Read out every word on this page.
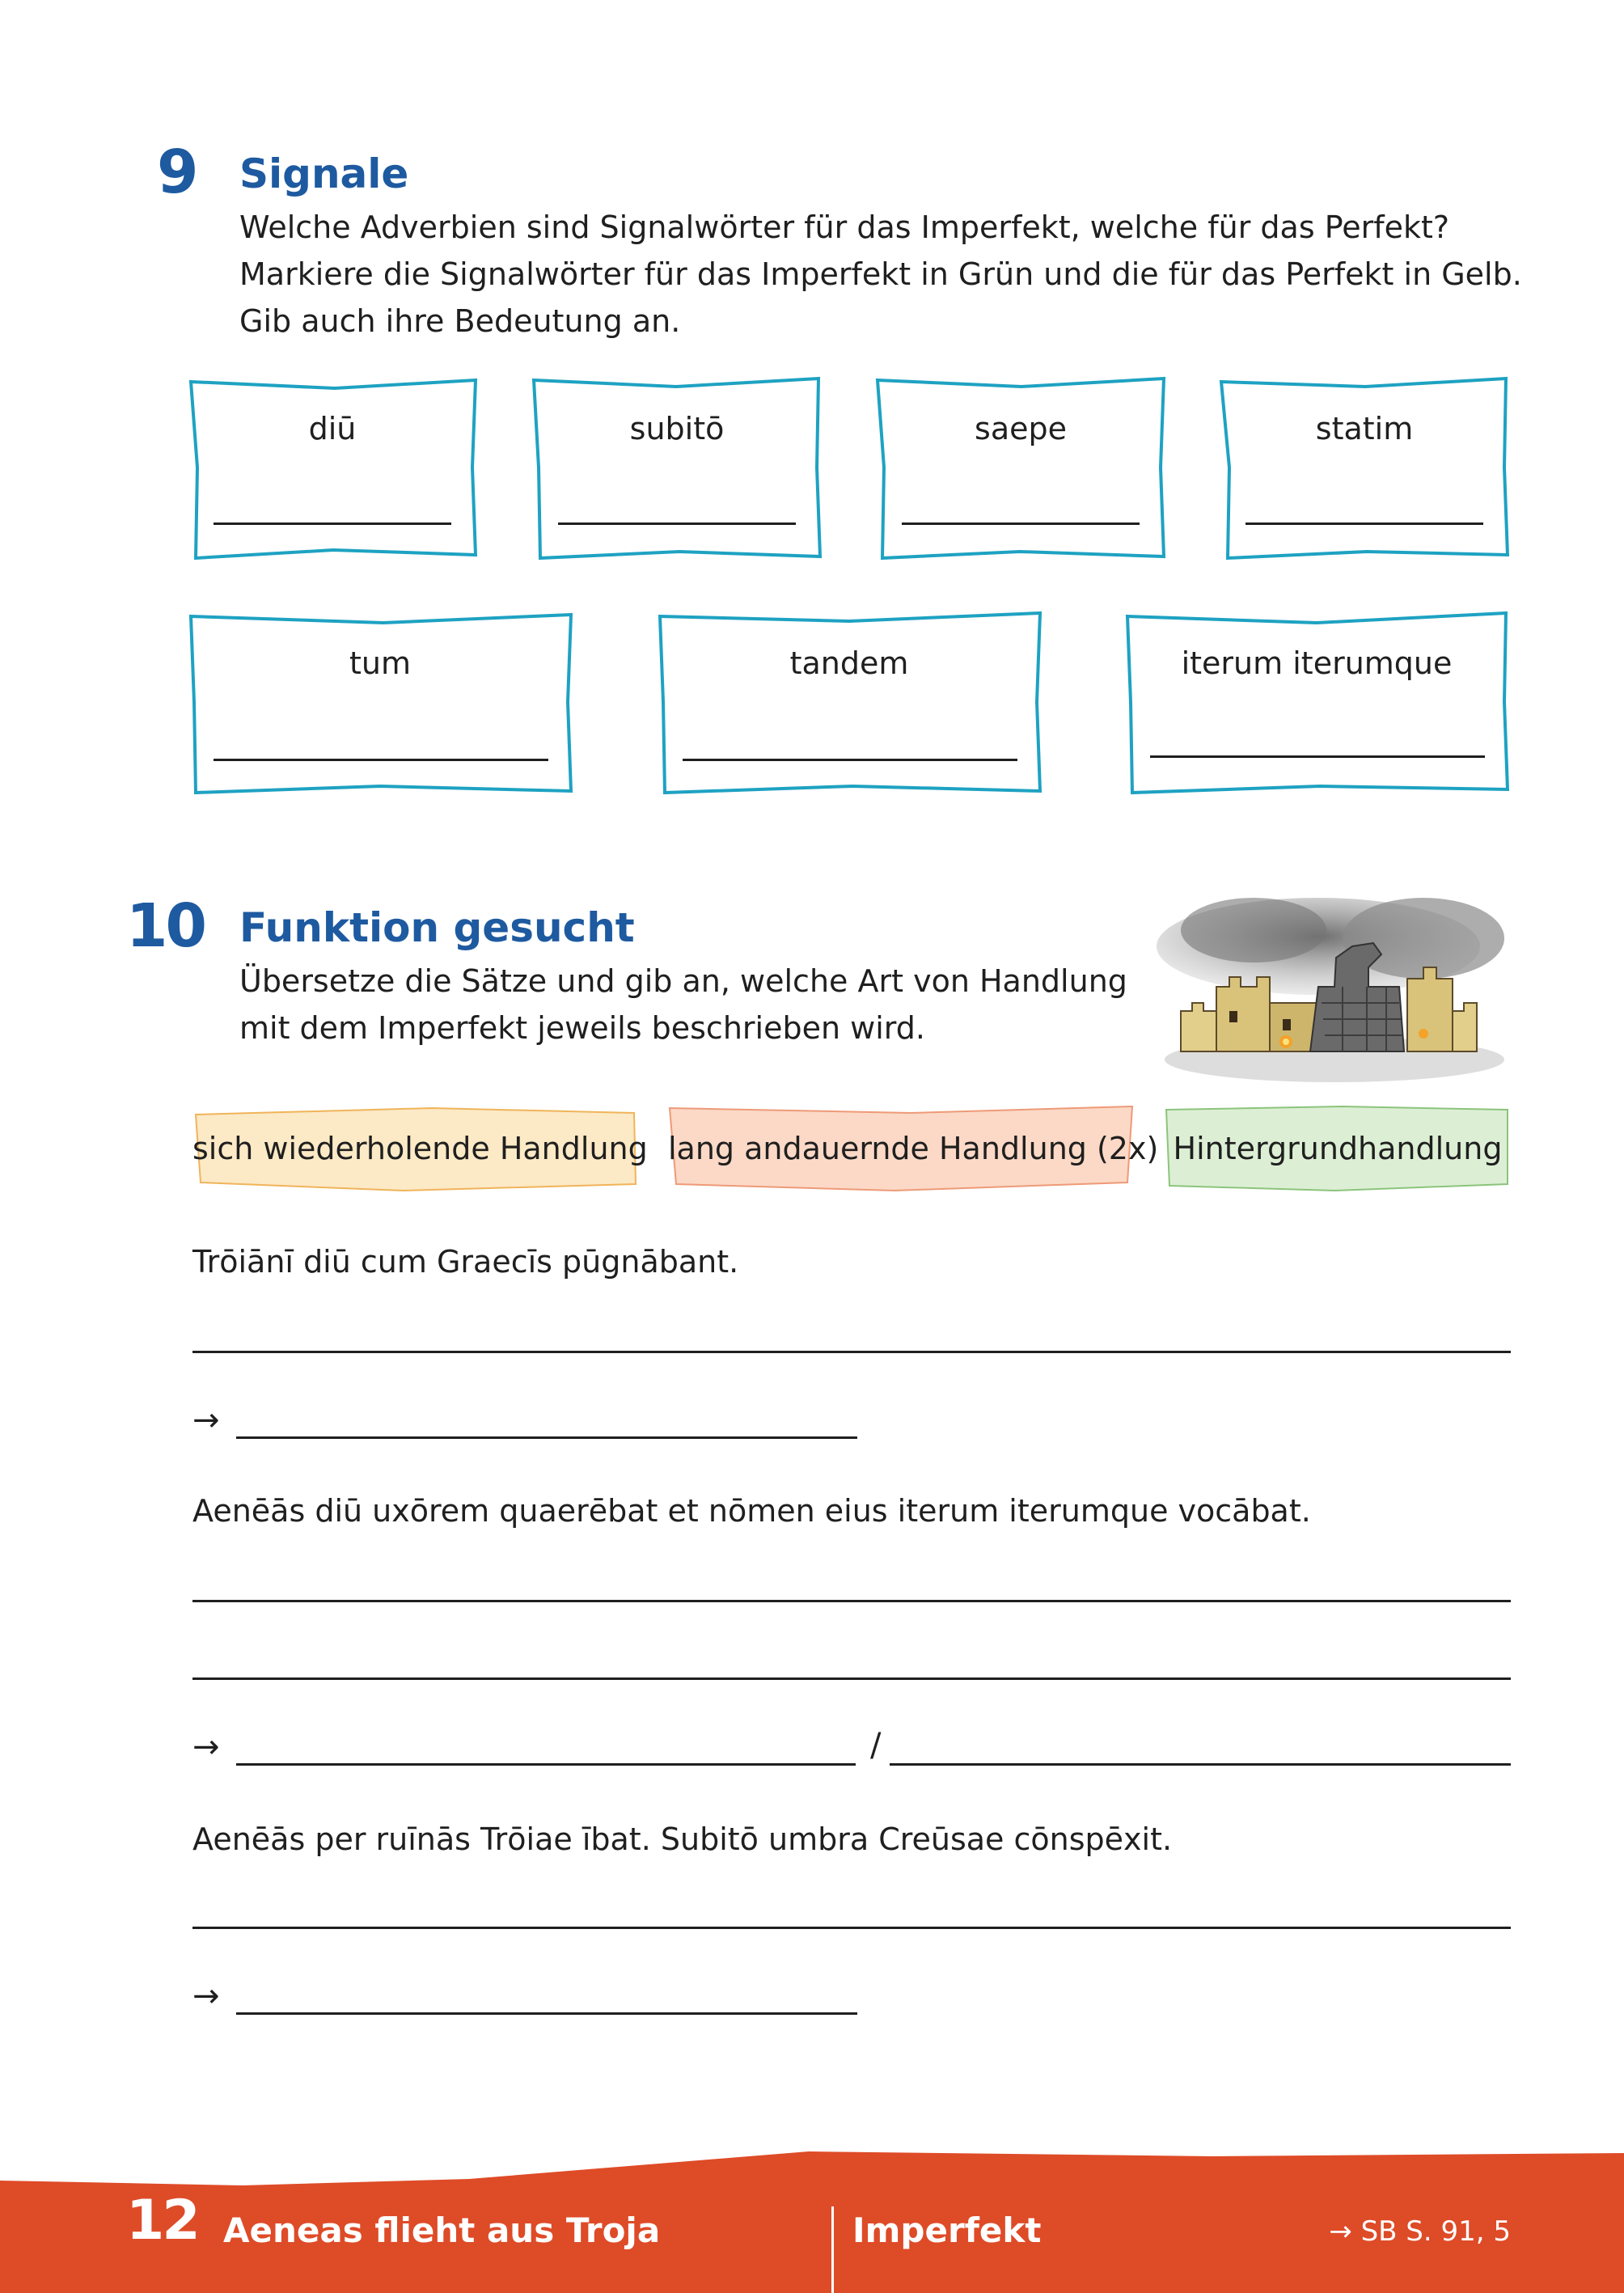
9 Signale
Welche Adverbien sind Signalwörter für das Imperfekt, welche für das Perfekt?
Markiere die Signalwörter für das Imperfekt in Grün und die für das Perfekt in Gelb.
Gib auch ihre Bedeutung an.
diū	subitō	saepe	statim
tum	tandem	iterum iterumque
10 Funktion gesucht
Übersetze die Sätze und gib an, welche Art von Handlung
mit dem Imperfekt jeweils beschrieben wird.
sich wiederholende Handlung lang andauernde Handlung (2x) Hintergrundhandlung
Trōiānī diū cum Graecīs pūgnābant.
→
Aenēās diū uxōrem quaerēbat et nōmen eius iterum iterumque vocābat.
→	/
Aenēās per ruīnās Trōiae ībat. Subitō umbra Creūsae cōnspēxit.
→
12 Aeneas flieht aus Troja	Imperfekt	→ SB S. 91, 5
